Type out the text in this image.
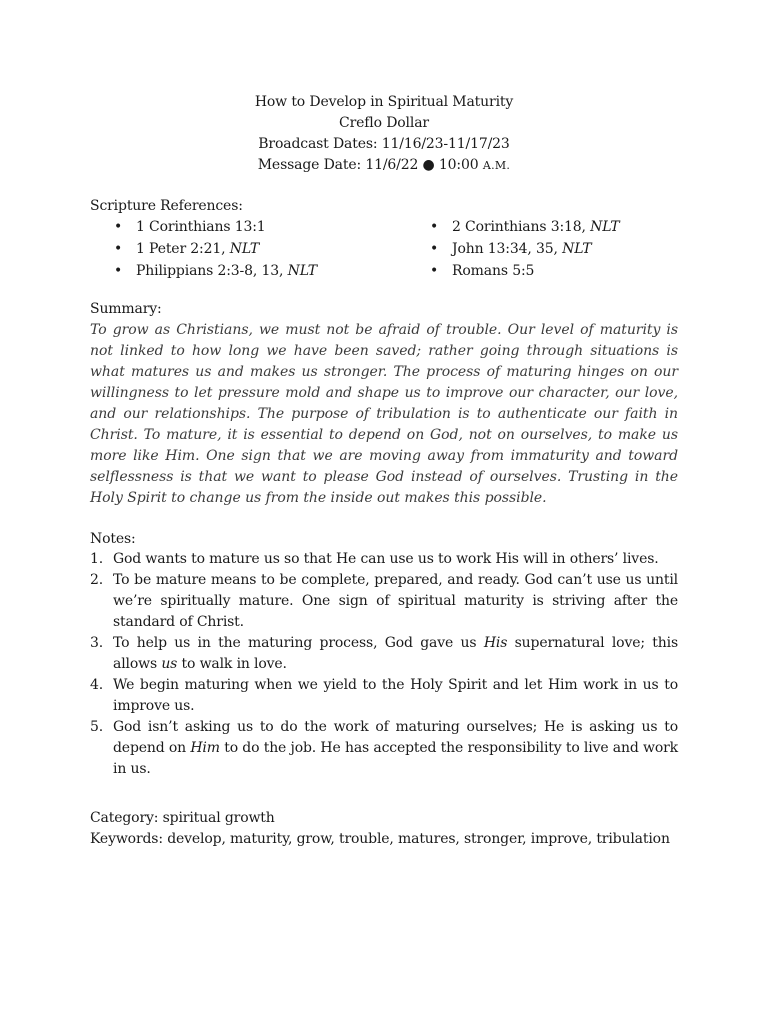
How to Develop in Spiritual Maturity
Creflo Dollar
Broadcast Dates: 11/16/23-11/17/23
Message Date: 11/6/22 ● 10:00 A.M.
Scripture References:
• 1 Corinthians 13:1
• 1 Peter 2:21, NLT
• Philippians 2:3-8, 13, NLT
• 2 Corinthians 3:18, NLT
• John 13:34, 35, NLT
• Romans 5:5
Summary:
To grow as Christians, we must not be afraid of trouble. Our level of maturity is not linked to how long we have been saved; rather going through situations is what matures us and makes us stronger. The process of maturing hinges on our willingness to let pressure mold and shape us to improve our character, our love, and our relationships. The purpose of tribulation is to authenticate our faith in Christ. To mature, it is essential to depend on God, not on ourselves, to make us more like Him. One sign that we are moving away from immaturity and toward selflessness is that we want to please God instead of ourselves. Trusting in the Holy Spirit to change us from the inside out makes this possible.
Notes:
1. God wants to mature us so that He can use us to work His will in others’ lives.
2. To be mature means to be complete, prepared, and ready. God can’t use us until we’re spiritually mature. One sign of spiritual maturity is striving after the standard of Christ.
3. To help us in the maturing process, God gave us His supernatural love; this allows us to walk in love.
4. We begin maturing when we yield to the Holy Spirit and let Him work in us to improve us.
5. God isn’t asking us to do the work of maturing ourselves; He is asking us to depend on Him to do the job. He has accepted the responsibility to live and work in us.
Category: spiritual growth
Keywords: develop, maturity, grow, trouble, matures, stronger, improve, tribulation
